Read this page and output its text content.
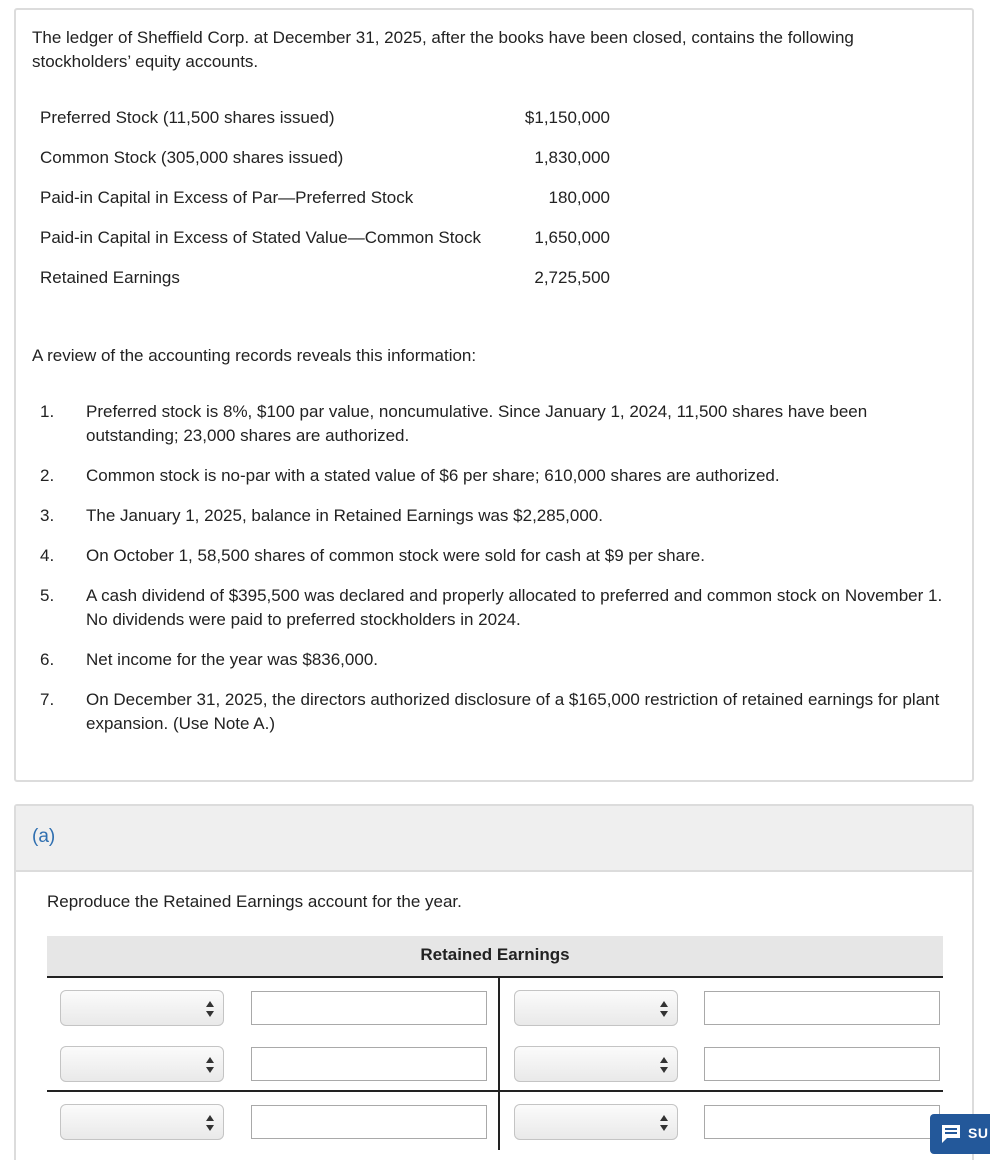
The ledger of Sheffield Corp. at December 31, 2025, after the books have been closed, contains the following stockholders’ equity accounts.
Preferred Stock (11,500 shares issued)	$1,150,000
Common Stock (305,000 shares issued)	1,830,000
Paid-in Capital in Excess of Par—Preferred Stock	180,000
Paid-in Capital in Excess of Stated Value—Common Stock	1,650,000
Retained Earnings	2,725,500
A review of the accounting records reveals this information:
1.	Preferred stock is 8%, $100 par value, noncumulative. Since January 1, 2024, 11,500 shares have been outstanding; 23,000 shares are authorized.
2.	Common stock is no-par with a stated value of $6 per share; 610,000 shares are authorized.
3.	The January 1, 2025, balance in Retained Earnings was $2,285,000.
4.	On October 1, 58,500 shares of common stock were sold for cash at $9 per share.
5.	A cash dividend of $395,500 was declared and properly allocated to preferred and common stock on November 1. No dividends were paid to preferred stockholders in 2024.
6.	Net income for the year was $836,000.
7.	On December 31, 2025, the directors authorized disclosure of a $165,000 restriction of retained earnings for plant expansion. (Use Note A.)
(a)
Reproduce the Retained Earnings account for the year.
Retained Earnings
SU
